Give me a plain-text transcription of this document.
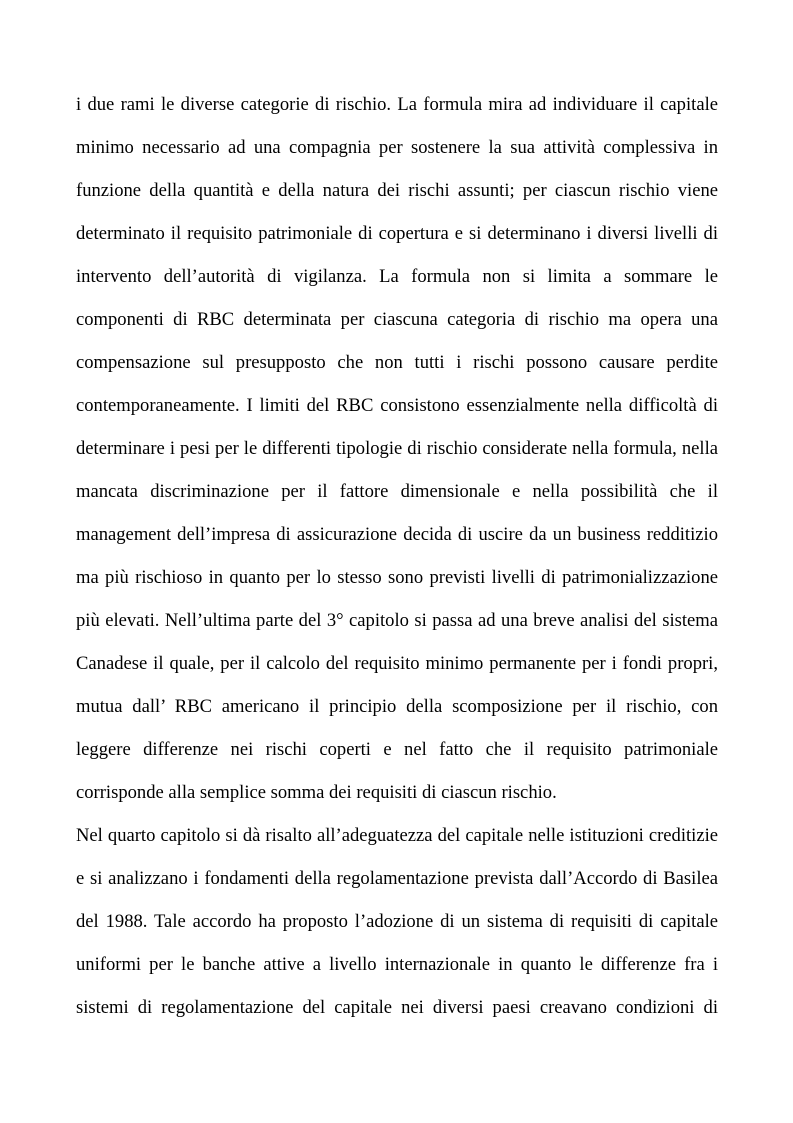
i due rami le diverse categorie di rischio. La formula mira ad individuare il capitale
minimo necessario ad una compagnia per sostenere la sua attività complessiva in
funzione della quantità e della natura dei rischi assunti; per ciascun rischio viene
determinato il requisito patrimoniale di copertura e si determinano i diversi livelli di
intervento dell’autorità di vigilanza. La formula non si limita a sommare le
componenti di RBC determinata per ciascuna categoria di rischio ma opera una
compensazione sul presupposto che non tutti i rischi possono causare perdite
contemporaneamente. I limiti del RBC consistono essenzialmente nella difficoltà di
determinare i pesi per le differenti tipologie di rischio considerate nella formula, nella
mancata discriminazione per il fattore dimensionale e nella possibilità che il
management dell’impresa di assicurazione decida di uscire da un business redditizio
ma più rischioso in quanto per lo stesso sono previsti livelli di patrimonializzazione
più elevati. Nell’ultima parte del 3° capitolo si passa ad una breve analisi del sistema
Canadese il quale, per il calcolo del requisito minimo permanente per i fondi propri,
mutua dall’ RBC americano il principio della scomposizione per il rischio, con
leggere differenze nei rischi coperti e nel fatto che il requisito patrimoniale
corrisponde alla semplice somma dei requisiti di ciascun rischio.
Nel quarto capitolo si dà risalto all’adeguatezza del capitale nelle istituzioni creditizie
e si analizzano i fondamenti della regolamentazione prevista dall’Accordo di Basilea
del 1988. Tale accordo ha proposto l’adozione di un sistema di requisiti di capitale
uniformi per le banche attive a livello internazionale in quanto le differenze fra i
sistemi di regolamentazione del capitale nei diversi paesi creavano condizioni di
